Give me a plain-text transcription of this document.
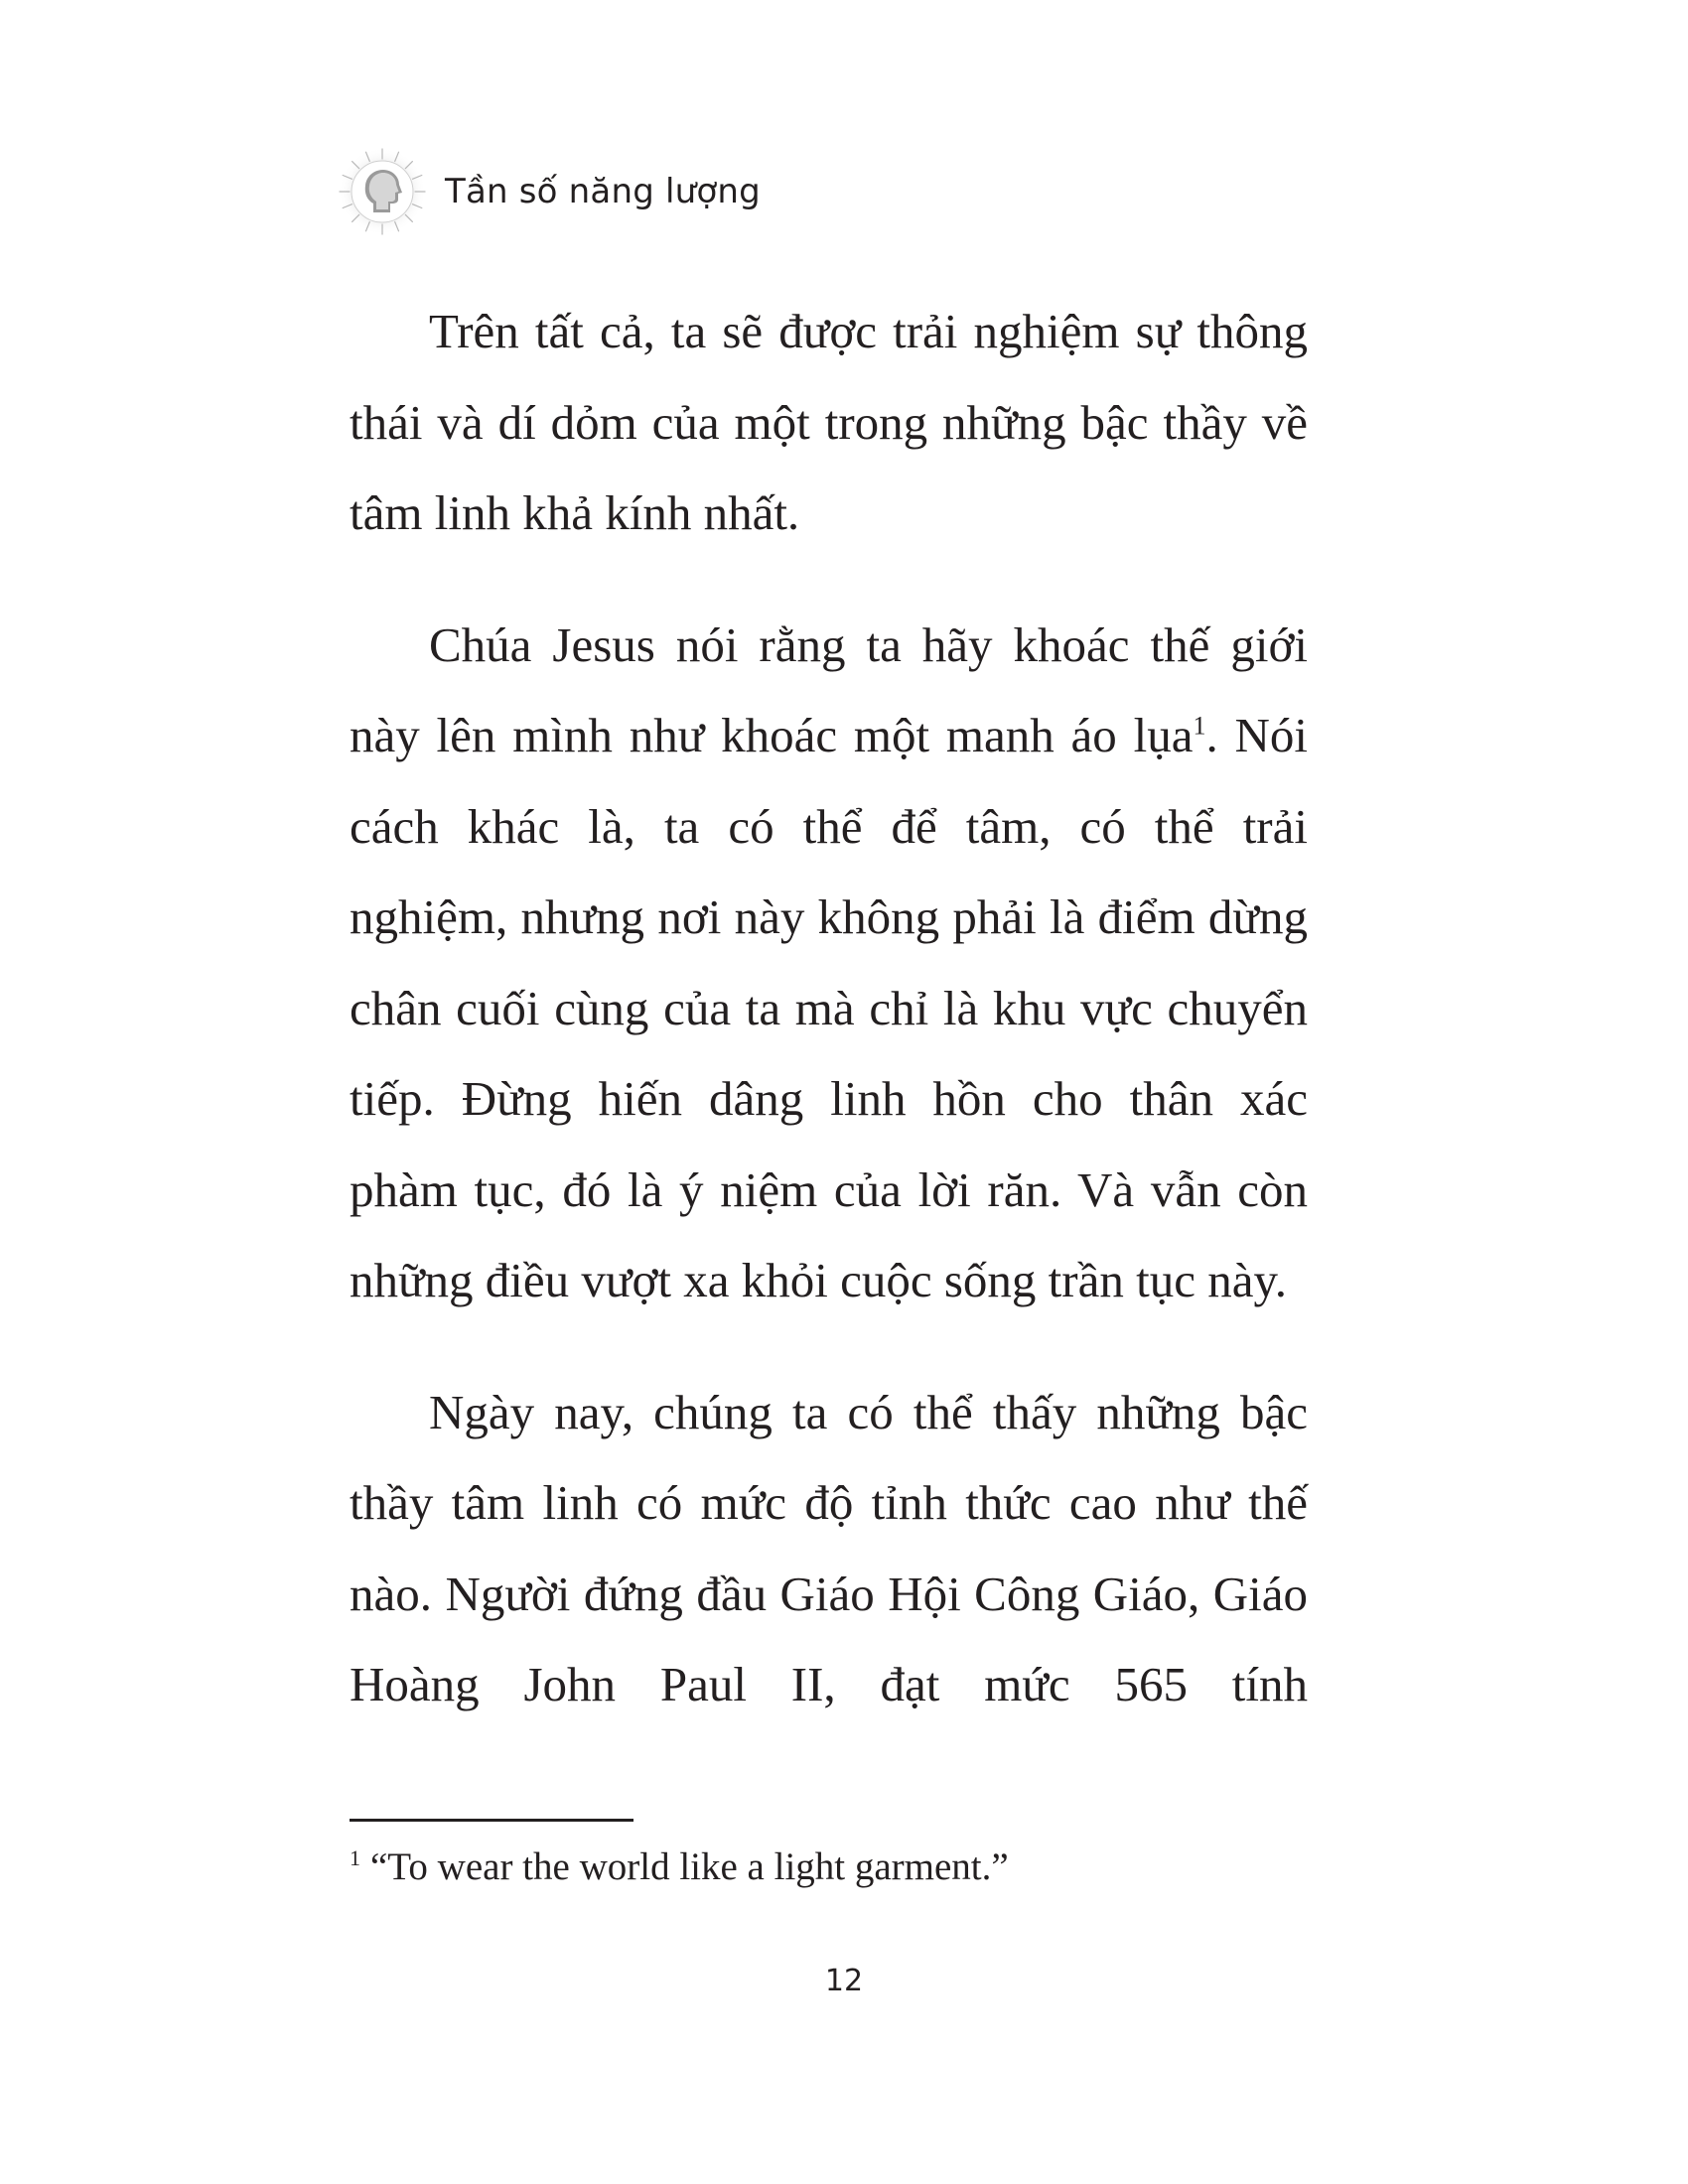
Tần số năng lượng

Trên tất cả, ta sẽ được trải nghiệm sự thông thái và dí dỏm của một trong những bậc thầy về tâm linh khả kính nhất.

Chúa Jesus nói rằng ta hãy khoác thế giới này lên mình như khoác một manh áo lụa$^1$. Nói cách khác là, ta có thể để tâm, có thể trải nghiệm, nhưng nơi này không phải là điểm dừng chân cuối cùng của ta mà chỉ là khu vực chuyển tiếp. Đừng hiến dâng linh hồn cho thân xác phàm tục, đó là ý niệm của lời răn. Và vẫn còn những điều vượt xa khỏi cuộc sống trần tục này.

Ngày nay, chúng ta có thể thấy những bậc thầy tâm linh có mức độ tỉnh thức cao như thế nào. Người đứng đầu Giáo Hội Công Giáo, Giáo Hoàng John Paul II, đạt mức 565 tính

$^1$ “To wear the world like a light garment.”
12
